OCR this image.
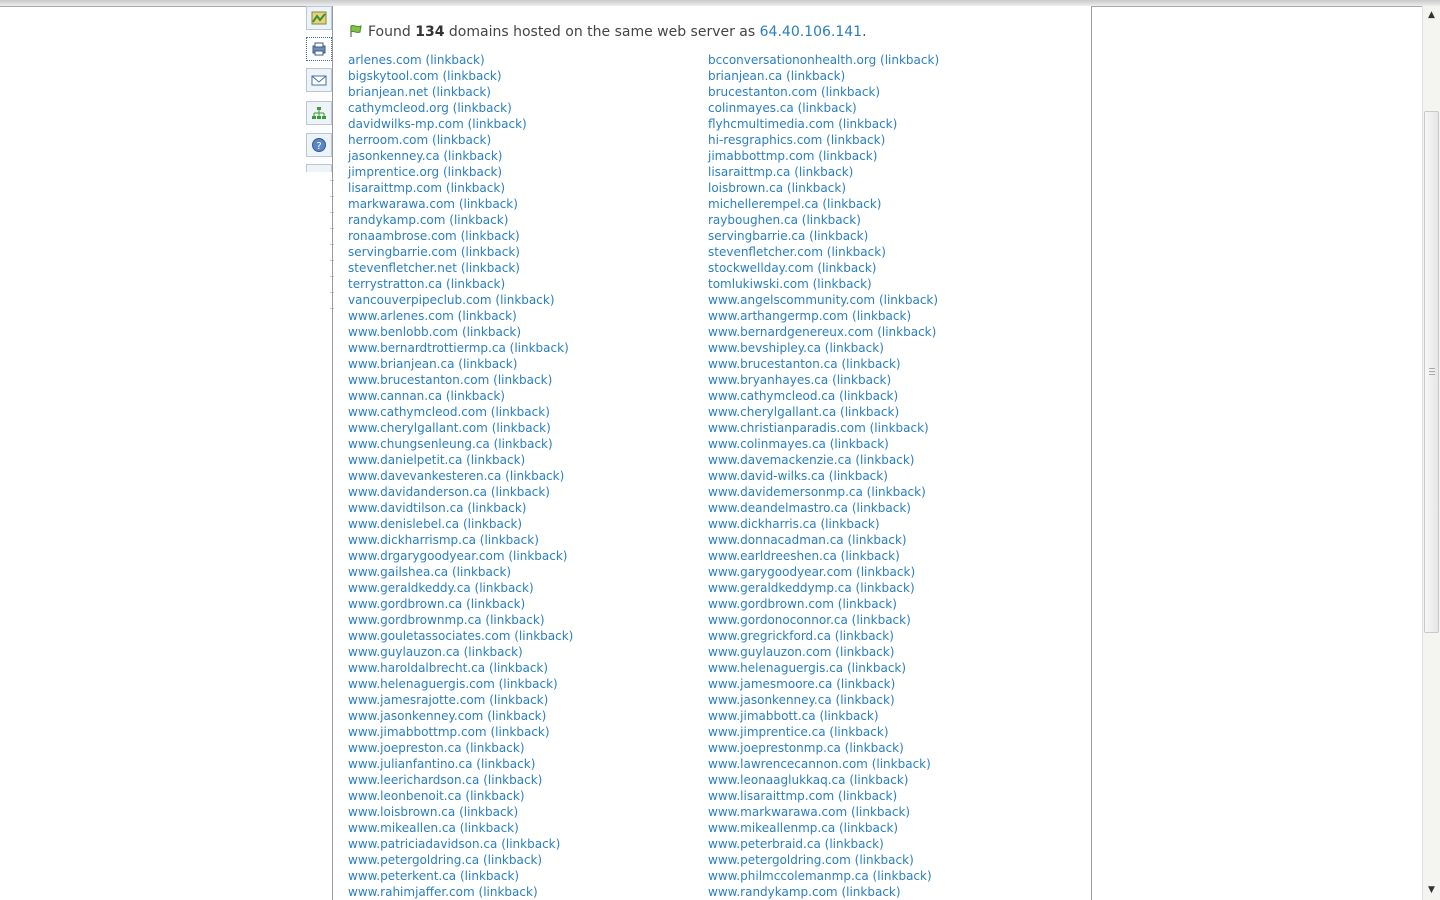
?
Found 134 domains hosted on the same web server as 64.40.106.141.
arlenes.com (linkback)
bigskytool.com (linkback)
brianjean.net (linkback)
cathymcleod.org (linkback)
davidwilks-mp.com (linkback)
herroom.com (linkback)
jasonkenney.ca (linkback)
jimprentice.org (linkback)
lisaraittmp.com (linkback)
markwarawa.com (linkback)
randykamp.com (linkback)
ronaambrose.com (linkback)
servingbarrie.com (linkback)
stevenfletcher.net (linkback)
terrystratton.ca (linkback)
vancouverpipeclub.com (linkback)
www.arlenes.com (linkback)
www.benlobb.com (linkback)
www.bernardtrottiermp.ca (linkback)
www.brianjean.ca (linkback)
www.brucestanton.com (linkback)
www.cannan.ca (linkback)
www.cathymcleod.com (linkback)
www.cherylgallant.com (linkback)
www.chungsenleung.ca (linkback)
www.danielpetit.ca (linkback)
www.davevankesteren.ca (linkback)
www.davidanderson.ca (linkback)
www.davidtilson.ca (linkback)
www.denislebel.ca (linkback)
www.dickharrismp.ca (linkback)
www.drgarygoodyear.com (linkback)
www.gailshea.ca (linkback)
www.geraldkeddy.ca (linkback)
www.gordbrown.ca (linkback)
www.gordbrownmp.ca (linkback)
www.gouletassociates.com (linkback)
www.guylauzon.ca (linkback)
www.haroldalbrecht.ca (linkback)
www.helenaguergis.com (linkback)
www.jamesrajotte.com (linkback)
www.jasonkenney.com (linkback)
www.jimabbottmp.com (linkback)
www.joepreston.ca (linkback)
www.julianfantino.ca (linkback)
www.leerichardson.ca (linkback)
www.leonbenoit.ca (linkback)
www.loisbrown.ca (linkback)
www.mikeallen.ca (linkback)
www.patriciadavidson.ca (linkback)
www.petergoldring.ca (linkback)
www.peterkent.ca (linkback)
www.rahimjaffer.com (linkback)
bcconversationonhealth.org (linkback)
brianjean.ca (linkback)
brucestanton.com (linkback)
colinmayes.ca (linkback)
flyhcmultimedia.com (linkback)
hi-resgraphics.com (linkback)
jimabbottmp.com (linkback)
lisaraittmp.ca (linkback)
loisbrown.ca (linkback)
michellerempel.ca (linkback)
rayboughen.ca (linkback)
servingbarrie.ca (linkback)
stevenfletcher.com (linkback)
stockwellday.com (linkback)
tomlukiwski.com (linkback)
www.angelscommunity.com (linkback)
www.arthangermp.com (linkback)
www.bernardgenereux.com (linkback)
www.bevshipley.ca (linkback)
www.brucestanton.ca (linkback)
www.bryanhayes.ca (linkback)
www.cathymcleod.ca (linkback)
www.cherylgallant.ca (linkback)
www.christianparadis.com (linkback)
www.colinmayes.ca (linkback)
www.davemackenzie.ca (linkback)
www.david-wilks.ca (linkback)
www.davidemersonmp.ca (linkback)
www.deandelmastro.ca (linkback)
www.dickharris.ca (linkback)
www.donnacadman.ca (linkback)
www.earldreeshen.ca (linkback)
www.garygoodyear.com (linkback)
www.geraldkeddymp.ca (linkback)
www.gordbrown.com (linkback)
www.gordonoconnor.ca (linkback)
www.gregrickford.ca (linkback)
www.guylauzon.com (linkback)
www.helenaguergis.ca (linkback)
www.jamesmoore.ca (linkback)
www.jasonkenney.ca (linkback)
www.jimabbott.ca (linkback)
www.jimprentice.ca (linkback)
www.joeprestonmp.ca (linkback)
www.lawrencecannon.com (linkback)
www.leonaaglukkaq.ca (linkback)
www.lisaraittmp.com (linkback)
www.markwarawa.com (linkback)
www.mikeallenmp.ca (linkback)
www.peterbraid.ca (linkback)
www.petergoldring.com (linkback)
www.philmccolemanmp.ca (linkback)
www.randykamp.com (linkback)
▲
▼
